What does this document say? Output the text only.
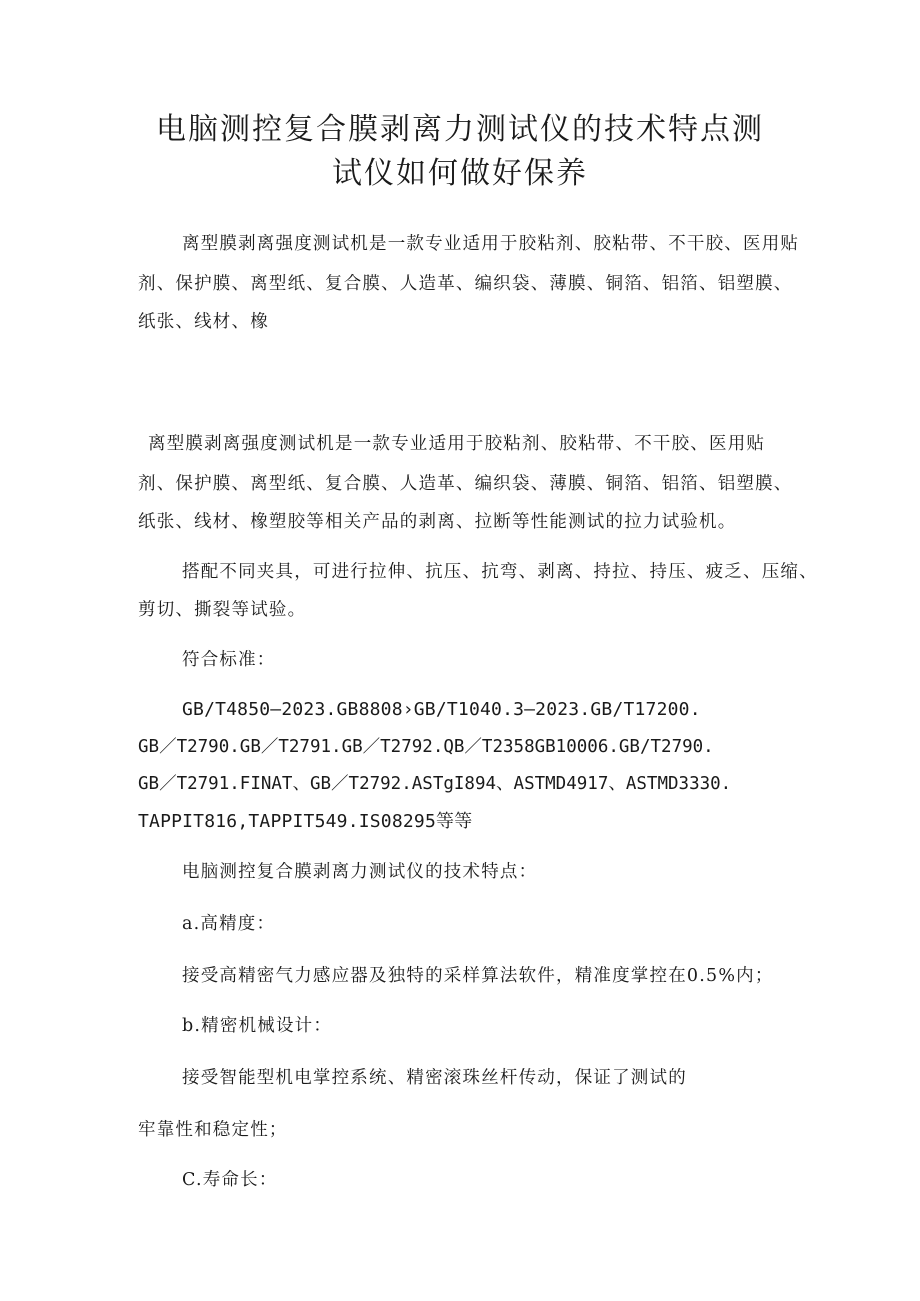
电脑测控复合膜剥离力测试仪的技术特点测
试仪如何做好保养

离型膜剥离强度测试机是一款专业适用于胶粘剂、胶粘带、不干胶、医用贴

剂、保护膜、离型纸、复合膜、人造革、编织袋、薄膜、铜箔、铝箔、铝塑膜、

纸张、线材、橡

离型膜剥离强度测试机是一款专业适用于胶粘剂、胶粘带、不干胶、医用贴

剂、保护膜、离型纸、复合膜、人造革、编织袋、薄膜、铜箔、铝箔、铝塑膜、

纸张、线材、橡塑胶等相关产品的剥离、拉断等性能测试的拉力试验机。

搭配不同夹具，可进行拉伸、抗压、抗弯、剥离、持拉、持压、疲乏、压缩、

剪切、撕裂等试验。

符合标准：

GB/T4850—2023.GB8808›GB/T1040.3—2023.GB/T17200.

GB／T2790.GB／T2791.GB／T2792.QB／T2358GB10006.GB/T2790.

GB／T2791.FINAT、GB／T2792.ASTgI894、ASTMD4917、ASTMD3330.

TAPPIT816,TAPPIT549.IS08295等等

电脑测控复合膜剥离力测试仪的技术特点：

a.高精度：

接受高精密气力感应器及独特的采样算法软件，精准度掌控在0.5%内；

b.精密机械设计：

接受智能型机电掌控系统、精密滚珠丝杆传动，保证了测试的

牢靠性和稳定性；

C.寿命长：
